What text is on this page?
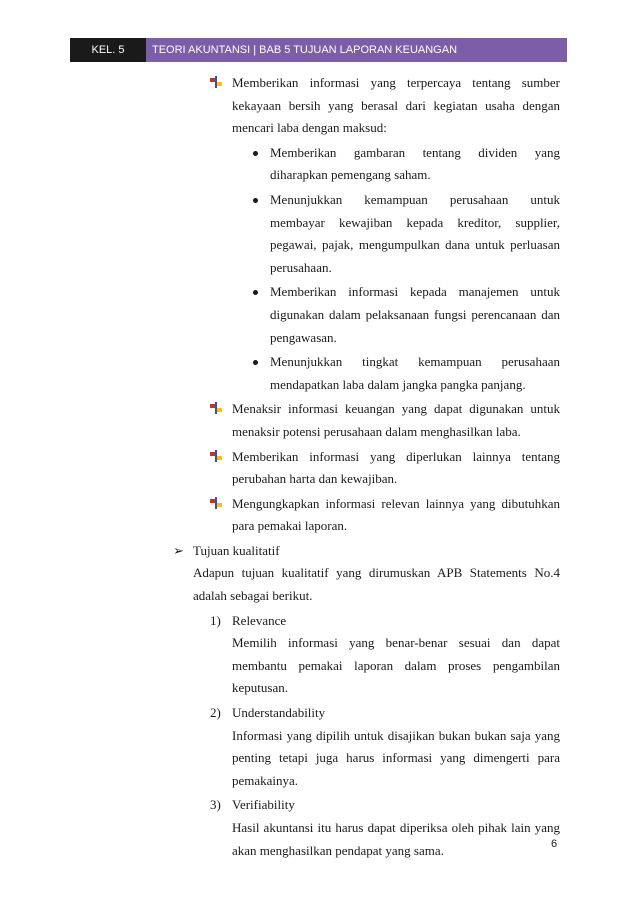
KEL. 5	TEORI AKUNTANSI | BAB 5 TUJUAN LAPORAN KEUANGAN
Memberikan informasi yang terpercaya tentang sumber kekayaan bersih yang berasal dari kegiatan usaha dengan mencari laba dengan maksud:
Memberikan gambaran tentang dividen yang diharapkan pemengang saham.
Menunjukkan kemampuan perusahaan untuk membayar kewajiban kepada kreditor, supplier, pegawai, pajak, mengumpulkan dana untuk perluasan perusahaan.
Memberikan informasi kepada manajemen untuk digunakan dalam pelaksanaan fungsi perencanaan dan pengawasan.
Menunjukkan tingkat kemampuan perusahaan mendapatkan laba dalam jangka pangka panjang.
Menaksir informasi keuangan yang dapat digunakan untuk menaksir potensi perusahaan dalam menghasilkan laba.
Memberikan informasi yang diperlukan lainnya tentang perubahan harta dan kewajiban.
Mengungkapkan informasi relevan lainnya yang dibutuhkan para pemakai laporan.
➢ Tujuan kualitatif
Adapun tujuan kualitatif yang dirumuskan APB Statements No.4 adalah sebagai berikut.
1) Relevance
Memilih informasi yang benar-benar sesuai dan dapat membantu pemakai laporan dalam proses pengambilan keputusan.
2) Understandability
Informasi yang dipilih untuk disajikan bukan bukan saja yang penting tetapi juga harus informasi yang dimengerti para pemakainya.
3) Verifiability
Hasil akuntansi itu harus dapat diperiksa oleh pihak lain yang akan menghasilkan pendapat yang sama.	6
